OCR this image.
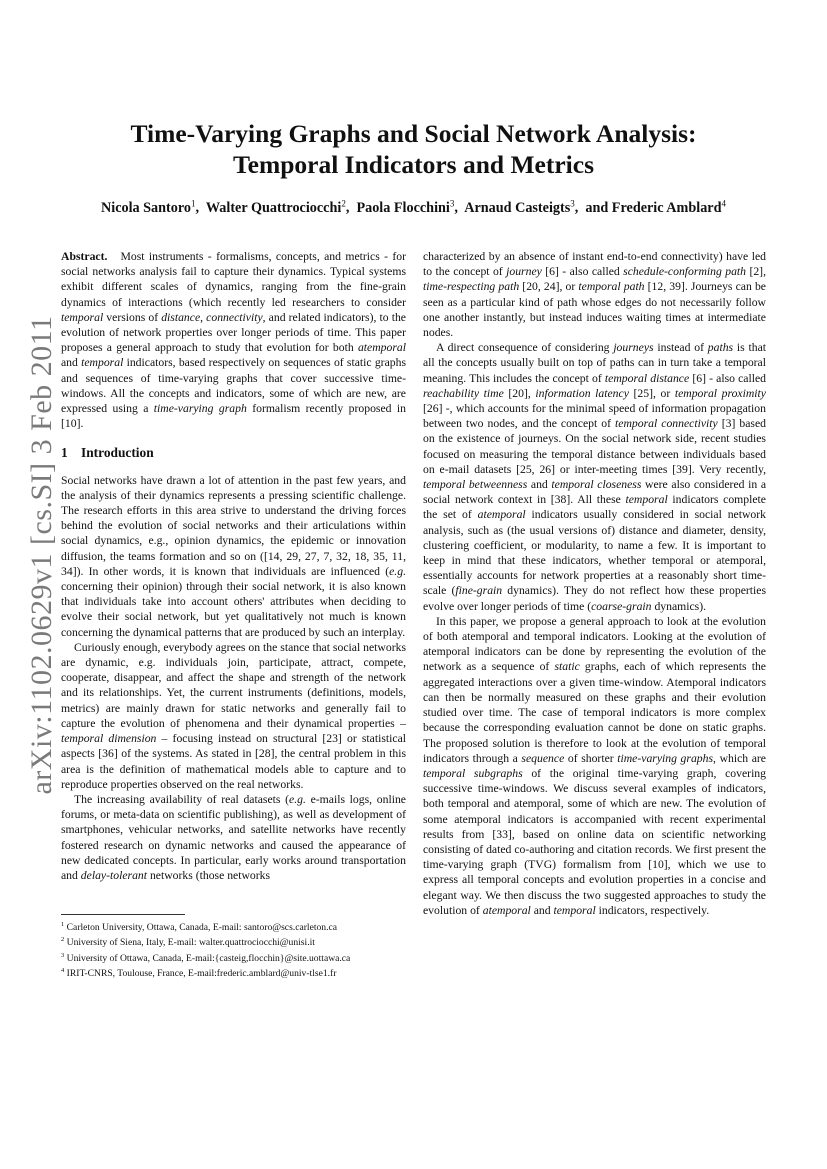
arXiv:1102.0629v1 [cs.SI] 3 Feb 2011
Time-Varying Graphs and Social Network Analysis:
Temporal Indicators and Metrics
Nicola Santoro$^1$,  Walter Quattrociocchi$^2$,  Paola Flocchini$^3$,  Arnaud Casteigts$^3$,  and Frederic Amblard$^4$

Abstract. Most instruments - formalisms, concepts, and metrics - for social networks analysis fail to capture their dynamics. Typical systems exhibit different scales of dynamics, ranging from the fine-grain dynamics of interactions (which recently led researchers to consider temporal versions of distance, connectivity, and related indicators), to the evolution of network properties over longer periods of time. This paper proposes a general approach to study that evolution for both atemporal and temporal indicators, based respectively on sequences of static graphs and sequences of time-varying graphs that cover successive time-windows. All the concepts and indicators, some of which are new, are expressed using a time-varying graph formalism recently proposed in [10].

1 Introduction

Social networks have drawn a lot of attention in the past few years, and the analysis of their dynamics represents a pressing scientific challenge. The research efforts in this area strive to understand the driving forces behind the evolution of social networks and their articulations within social dynamics, e.g., opinion dynamics, the epidemic or innovation diffusion, the teams formation and so on ([14, 29, 27, 7, 32, 18, 35, 11, 34]). In other words, it is known that individuals are influenced (e.g. concerning their opinion) through their social network, it is also known that individuals take into account others' attributes when deciding to evolve their social network, but yet qualitatively not much is known concerning the dynamical patterns that are produced by such an interplay.

Curiously enough, everybody agrees on the stance that social networks are dynamic, e.g. individuals join, participate, attract, compete, cooperate, disappear, and affect the shape and strength of the network and its relationships. Yet, the current instruments (definitions, models, metrics) are mainly drawn for static networks and generally fail to capture the evolution of phenomena and their dynamical properties – temporal dimension – focusing instead on structural [23] or statistical aspects [36] of the systems. As stated in [28], the central problem in this area is the definition of mathematical models able to capture and to reproduce properties observed on the real networks.

The increasing availability of real datasets (e.g. e-mails logs, online forums, or meta-data on scientific publishing), as well as development of smartphones, vehicular networks, and satellite networks have recently fostered research on dynamic networks and caused the appearance of new dedicated concepts. In particular, early works around transportation and delay-tolerant networks (those networks

$^1$ Carleton University, Ottawa, Canada, E-mail: santoro@scs.carleton.ca
$^2$ University of Siena, Italy, E-mail: walter.quattrociocchi@unisi.it
$^3$ University of Ottawa, Canada, E-mail:{casteig,flocchin}@site.uottawa.ca
$^4$ IRIT-CNRS, Toulouse, France, E-mail:frederic.amblard@univ-tlse1.fr

characterized by an absence of instant end-to-end connectivity) have led to the concept of journey [6] - also called schedule-conforming path [2], time-respecting path [20, 24], or temporal path [12, 39]. Journeys can be seen as a particular kind of path whose edges do not necessarily follow one another instantly, but instead induces waiting times at intermediate nodes.

A direct consequence of considering journeys instead of paths is that all the concepts usually built on top of paths can in turn take a temporal meaning. This includes the concept of temporal distance [6] - also called reachability time [20], information latency [25], or temporal proximity [26] -, which accounts for the minimal speed of information propagation between two nodes, and the concept of temporal connectivity [3] based on the existence of journeys. On the social network side, recent studies focused on measuring the temporal distance between individuals based on e-mail datasets [25, 26] or inter-meeting times [39]. Very recently, temporal betweenness and temporal closeness were also considered in a social network context in [38]. All these temporal indicators complete the set of atemporal indicators usually considered in social network analysis, such as (the usual versions of) distance and diameter, density, clustering coefficient, or modularity, to name a few. It is important to keep in mind that these indicators, whether temporal or atemporal, essentially accounts for network properties at a reasonably short time-scale (fine-grain dynamics). They do not reflect how these properties evolve over longer periods of time (coarse-grain dynamics).

In this paper, we propose a general approach to look at the evolution of both atemporal and temporal indicators. Looking at the evolution of atemporal indicators can be done by representing the evolution of the network as a sequence of static graphs, each of which represents the aggregated interactions over a given time-window. Atemporal indicators can then be normally measured on these graphs and their evolution studied over time. The case of temporal indicators is more complex because the corresponding evaluation cannot be done on static graphs. The proposed solution is therefore to look at the evolution of temporal indicators through a sequence of shorter time-varying graphs, which are temporal subgraphs of the original time-varying graph, covering successive time-windows. We discuss several examples of indicators, both temporal and atemporal, some of which are new. The evolution of some atemporal indicators is accompanied with recent experimental results from [33], based on online data on scientific networking consisting of dated co-authoring and citation records. We first present the time-varying graph (TVG) formalism from [10], which we use to express all temporal concepts and evolution properties in a concise and elegant way. We then discuss the two suggested approaches to study the evolution of atemporal and temporal indicators, respectively.
